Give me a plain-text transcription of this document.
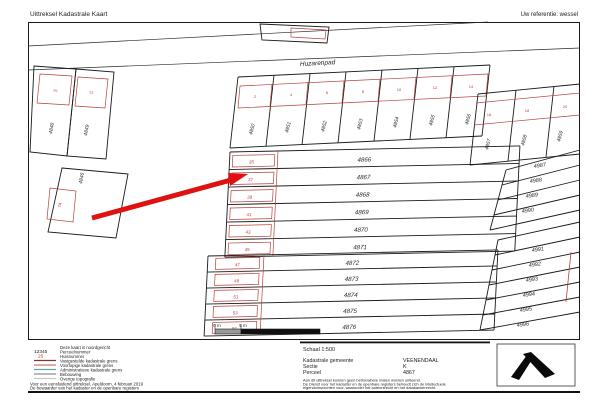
Uittreksel Kadastrale Kaart	Uw referentie: wessel
Huzarenpad
70	72
4848	4849
74
4846
2	4	6	8	10	12	14
4850	4851	4852	4853	4854	4855	4856	16
18
20
4857	4858	4859
35
37
39
41
43
45
4866
4867
4868
4869
4870
4871
47
49
51
53
4872
4873
4874
4875
4876
4987
4988
4989
4990
4991
4992
4993
4994
4995
4996
0 m	5 m
12345
25
Deze kaart is noordgericht
Perceelnummer
Huisnummer
Vastgestelde kadastrale grens
Voorlopige kadastrale grens
Administratieve kadastrale grens
Bebouwing
Overige topografie
Voor een eensluidend uittreksel, Apeldoorn, 4 februari 2019
De bewaarder van het kadaster en de openbare registers
Schaal 1:500
Kadastrale gemeente	VEENENDAAL
Sectie	K
Perceel	4867
Aan dit uittreksel kunnen geen betrouwbare maten worden ontleend.
De Dienst voor het kadaster en de openbare registers behoudt zich de intellectuele
eigendomsrechten voor, waaronder het auteursrecht en het databankenrecht.
